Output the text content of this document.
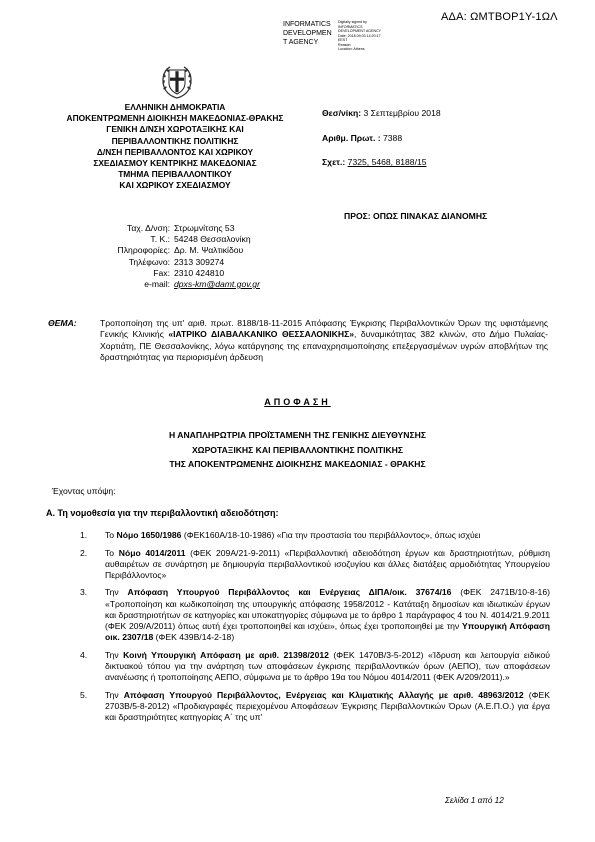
ΑΔΑ: ΩΜΤΒΟΡ1Υ-1ΩΛ
INFORMATICS
DEVELOPMEN
T AGENCY
Digitally signed by
INFORMATICS
DEVELOPMENT AGENCY
Date: 2018.09.03 14:20:17
EEST
Reason:
Location: Athens
ΕΛΛΗΝΙΚΗ ΔΗΜΟΚΡΑΤΙΑ
ΑΠΟΚΕΝΤΡΩΜΕΝΗ ΔΙΟΙΚΗΣΗ ΜΑΚΕΔΟΝΙΑΣ-ΘΡΑΚΗΣ
ΓΕΝΙΚΗ Δ/ΝΣΗ ΧΩΡΟΤΑΞΙΚΗΣ ΚΑΙ
ΠΕΡΙΒΑΛΛΟΝΤΙΚΗΣ ΠΟΛΙΤΙΚΗΣ
Δ/ΝΣΗ ΠΕΡΙΒΑΛΛΟΝΤΟΣ ΚΑΙ ΧΩΡΙΚΟΥ
ΣΧΕΔΙΑΣΜΟΥ ΚΕΝΤΡΙΚΗΣ ΜΑΚΕΔΟΝΙΑΣ
ΤΜΗΜΑ ΠΕΡΙΒΑΛΛΟΝΤΙΚΟΥ
ΚΑΙ ΧΩΡΙΚΟΥ ΣΧΕΔΙΑΣΜΟΥ
Θεσ/νίκη: 3 Σεπτεμβρίου 2018
Αριθμ. Πρωτ. : 7388
Σχετ.: 7325, 5468, 8188/15
ΠΡΟΣ: ΟΠΩΣ ΠΙΝΑΚΑΣ ΔΙΑΝΟΜΗΣ
Ταχ. Δ/νση: Στρωμνίτσης 53
Τ. Κ.: 54248 Θεσσαλονίκη
Πληροφορίες: Δρ. Μ. Ψαλτικίδου
Τηλέφωνο: 2313 309274
Fax: 2310 424810
e-mail: dpxs-km@damt.gov.gr
ΘΕΜΑ:	Τροποποίηση της υπ' αριθ. πρωτ. 8188/18-11-2015 Απόφασης Έγκρισης Περιβαλλοντικών Όρων της υφιστάμενης Γενικής Κλινικής «ΙΑΤΡΙΚΟ ΔΙΑΒΑΛΚΑΝΙΚΟ ΘΕΣΣΑΛΟΝΙΚΗΣ», δυναμικότητας 382 κλινών, στο Δήμο Πυλαίας-Χορτιάτη, ΠΕ Θεσσαλονίκης, λόγω κατάργησης της επαναχρησιμοποίησης επεξεργασμένων υγρών αποβλήτων της δραστηριότητας για περιορισμένη άρδευση
ΑΠΟΦΑΣΗ
Η ΑΝΑΠΛΗΡΩΤΡΙΑ ΠΡΟΪΣΤΑΜΕΝΗ ΤΗΣ ΓΕΝΙΚΗΣ ΔΙΕΥΘΥΝΣΗΣ
ΧΩΡΟΤΑΞΙΚΗΣ ΚΑΙ ΠΕΡΙΒΑΛΛΟΝΤΙΚΗΣ ΠΟΛΙΤΙΚΗΣ
ΤΗΣ ΑΠΟΚΕΝΤΡΩΜΕΝΗΣ ΔΙΟΙΚΗΣΗΣ ΜΑΚΕΔΟΝΙΑΣ - ΘΡΑΚΗΣ
Έχοντας υπόψη:
Α. Τη νομοθεσία για την περιβαλλοντική αδειοδότηση:
1. Το Νόμο 1650/1986 (ΦΕΚ160Α/18-10-1986) «Για την προστασία του περιβάλλοντος», όπως ισχύει
2. Το Νόμο 4014/2011 (ΦΕΚ 209Α/21-9-2011) «Περιβαλλοντική αδειοδότηση έργων και δραστηριοτήτων, ρύθμιση αυθαιρέτων σε συνάρτηση με δημιουργία περιβαλλοντικού ισοζυγίου και άλλες διατάξεις αρμοδιότητας Υπουργείου Περιβάλλοντος»
3. Την Απόφαση Υπουργού Περιβάλλοντος και Ενέργειας ΔΙΠΑ/οικ. 37674/16 (ΦΕΚ 2471Β/10-8-16) «Τροποποίηση και κωδικοποίηση της υπουργικής απόφασης 1958/2012 - Κατάταξη δημοσίων και ιδιωτικών έργων και δραστηριοτήτων σε κατηγορίες και υποκατηγορίες σύμφωνα με το άρθρο 1 παράγραφος 4 του Ν. 4014/21.9.2011 (ΦΕΚ 209/Α/2011) όπως αυτή έχει τροποποιηθεί και ισχύει», όπως έχει τροποποιηθεί με την Υπουργική Απόφαση οικ. 2307/18 (ΦΕΚ 439Β/14-2-18)
4. Την Κοινή Υπουργική Απόφαση με αριθ. 21398/2012 (ΦΕΚ 1470Β/3-5-2012) «Ίδρυση και λειτουργία ειδικού δικτυακού τόπου για την ανάρτηση των αποφάσεων έγκρισης περιβαλλοντικών όρων (ΑΕΠΟ), των αποφάσεων ανανέωσης ή τροποποίησης ΑΕΠΟ, σύμφωνα με το άρθρο 19α του Νόμου 4014/2011 (ΦΕΚ Α/209/2011).»
5. Την Απόφαση Υπουργού Περιβάλλοντος, Ενέργειας και Κλιματικής Αλλαγής με αριθ. 48963/2012 (ΦΕΚ 2703Β/5-8-2012) «Προδιαγραφές περιεχομένου Αποφάσεων Έγκρισης Περιβαλλοντικών Όρων (Α.Ε.Π.Ο.) για έργα και δραστηριότητες κατηγορίας Α΄ της υπ'
Σελίδα 1 από 12
